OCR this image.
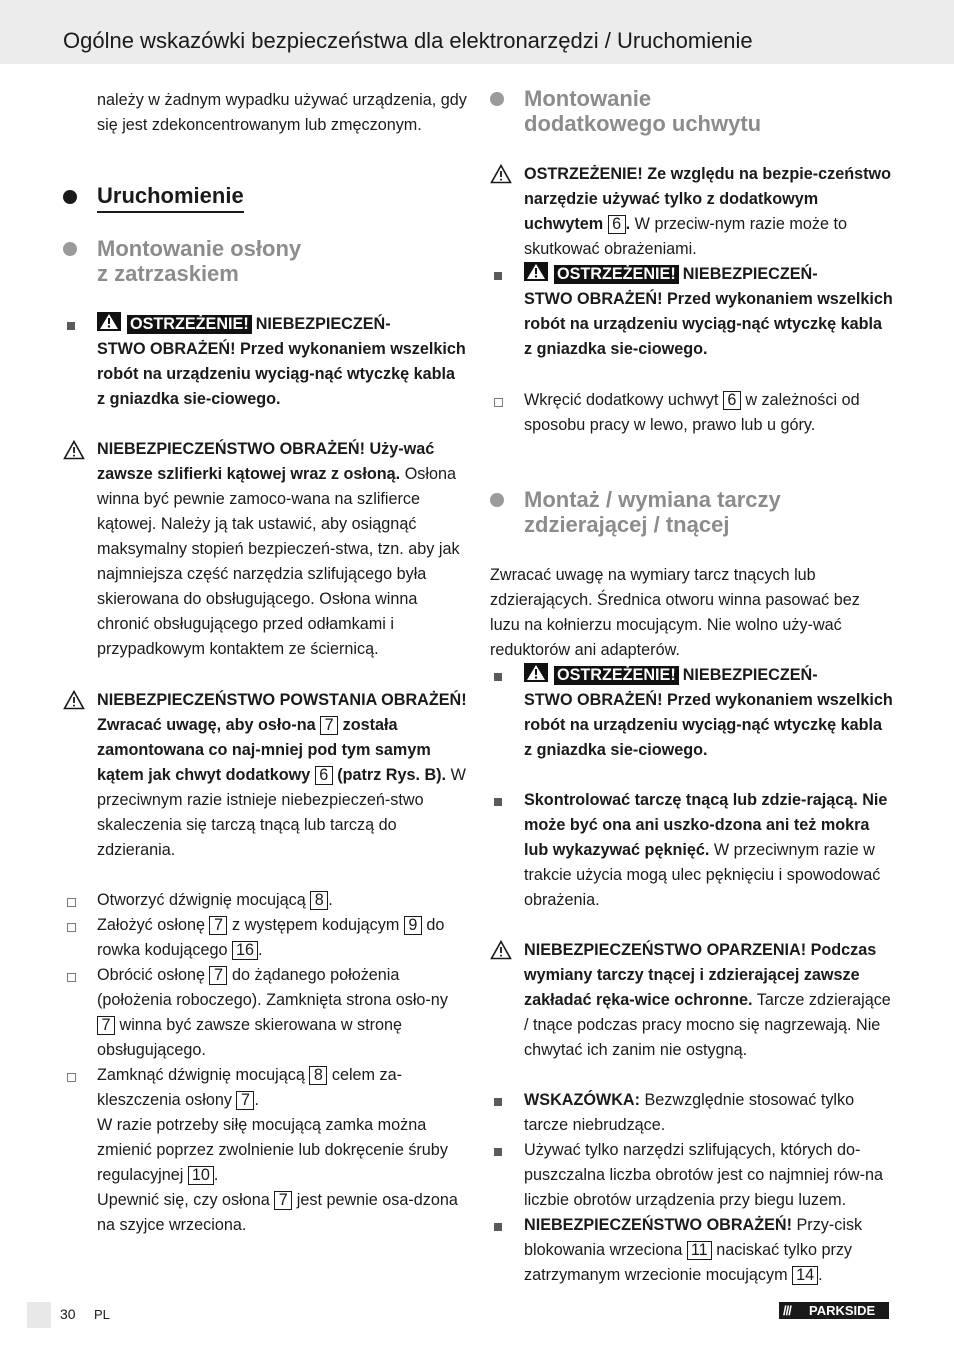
Ogólne wskazówki bezpieczeństwa dla elektronarzędzi / Uruchomienie

należy w żadnym wypadku używać urządzenia, gdy się jest zdekoncentrowanym lub zmęczonym.

Uruchomienie
Montowanie osłony
z zatrzaskiem

OSTRZEŻENIE! NIEBEZPIECZEŃ-
STWO OBRAŻEŃ! Przed wykonaniem wszelkich robót na urządzeniu wyciąg-nąć wtyczkę kabla z gniazdka sie-ciowego.

NIEBEZPIECZEŃSTWO OBRAŻEŃ! Uży-wać zawsze szlifierki kątowej wraz z osłoną. Osłona winna być pewnie zamoco-wana na szlifierce kątowej. Należy ją tak ustawić, aby osiągnąć maksymalny stopień bezpieczeń-stwa, tzn. aby jak najmniejsza część narzędzia szlifującego była skierowana do obsługującego. Osłona winna chronić obsługującego przed odłamkami i przypadkowym kontaktem ze ściernicą.

NIEBEZPIECZEŃSTWO POWSTANIA OBRAŻEŃ! Zwracać uwagę, aby osło-na 7 została zamontowana co naj-mniej pod tym samym kątem jak chwyt dodatkowy 6 (patrz Rys. B). W przeciwnym razie istnieje niebezpieczeń-stwo skaleczenia się tarczą tnącą lub tarczą do zdzierania.

Otworzyć dźwignię mocującą 8 .

Założyć osłonę 7 z występem kodującym 9 do rowka kodującego 16 .

Obrócić osłonę 7 do żądanego położenia (położenia roboczego). Zamknięta strona osło-ny 7 winna być zawsze skierowana w stronę obsługującego.

Zamknąć dźwignię mocującą 8 celem za-kleszczenia osłony 7 .
W razie potrzeby siłę mocującą zamka można zmienić poprzez zwolnienie lub dokręcenie śruby regulacyjnej 10 .
Upewnić się, czy osłona 7 jest pewnie osa-dzona na szyjce wrzeciona.

Montowanie
dodatkowego uchwytu

OSTRZEŻENIE! Ze względu na bezpie-czeństwo narzędzie używać tylko z dodatkowym uchwytem 6 . W przeciw-nym razie może to skutkować obrażeniami.

OSTRZEŻENIE! NIEBEZPIECZEŃ-
STWO OBRAŻEŃ! Przed wykonaniem wszelkich robót na urządzeniu wyciąg-nąć wtyczkę kabla z gniazdka sie-ciowego.

Wkręcić dodatkowy uchwyt 6 w zależności od sposobu pracy w lewo, prawo lub u góry.

Montaż / wymiana tarczy
zdzierającej / tnącej

Zwracać uwagę na wymiary tarcz tnących lub zdzierających. Średnica otworu winna pasować bez luzu na kołnierzu mocującym. Nie wolno uży-wać reduktorów ani adapterów.

OSTRZEŻENIE! NIEBEZPIECZEŃ-
STWO OBRAŻEŃ! Przed wykonaniem wszelkich robót na urządzeniu wyciąg-nąć wtyczkę kabla z gniazdka sie-ciowego.

Skontrolować tarczę tnącą lub zdzie-rającą. Nie może być ona ani uszko-dzona ani też mokra lub wykazywać pęknięć. W przeciwnym razie w trakcie użycia mogą ulec pęknięciu i spowodować obrażenia.

NIEBEZPIECZEŃSTWO OPARZENIA! Podczas wymiany tarczy tnącej i zdzierającej zawsze zakładać ręka-wice ochronne. Tarcze zdzierające / tnące podczas pracy mocno się nagrzewają. Nie chwytać ich zanim nie ostygną.

WSKAZÓWKA: Bezwzględnie stosować tylko tarcze niebrudzące.

Używać tylko narzędzi szlifujących, których do-puszczalna liczba obrotów jest co najmniej rów-na liczbie obrotów urządzenia przy biegu luzem.

NIEBEZPIECZEŃSTWO OBRAŻEŃ! Przy-cisk blokowania wrzeciona 11 naciskać tylko przy zatrzymanym wrzecionie mocującym 14 .

30 PL	/// PARKSIDE
